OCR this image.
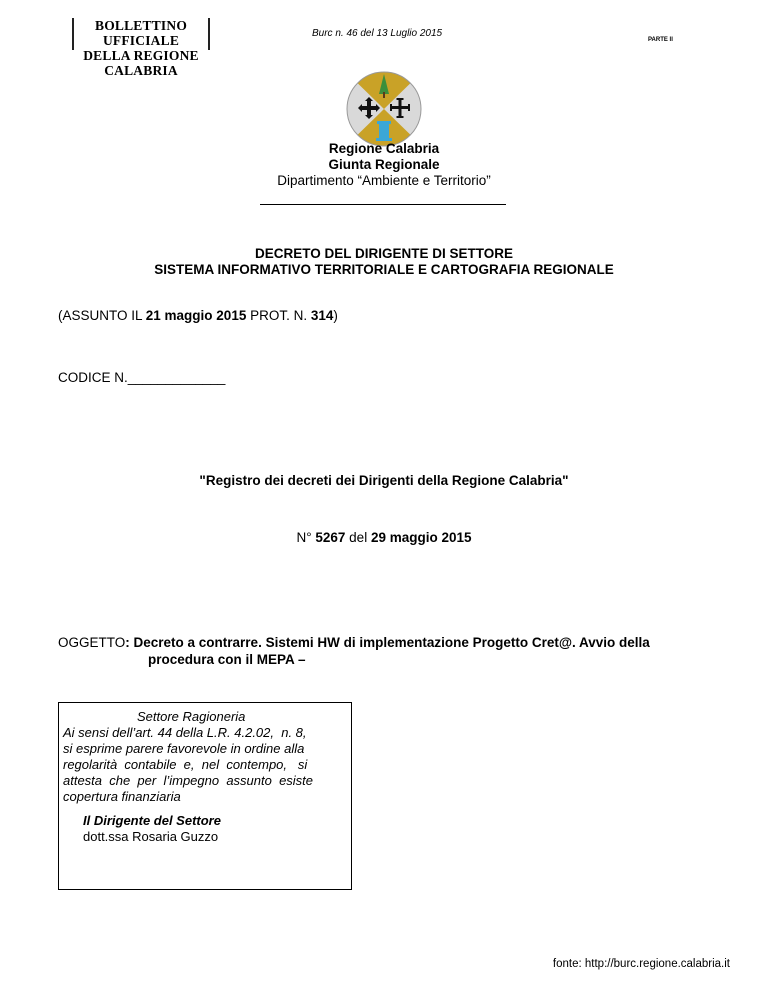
BOLLETTINO UFFICIALE
DELLA REGIONE CALABRIA
Burc n. 46 del 13 Luglio 2015
PARTE II
Regione Calabria
Giunta Regionale
Dipartimento “Ambiente e Territorio”
DECRETO DEL DIRIGENTE DI SETTORE
SISTEMA INFORMATIVO TERRITORIALE E CARTOGRAFIA REGIONALE
(ASSUNTO IL 21 maggio 2015 PROT. N. 314)
CODICE N._____________
"Registro dei decreti dei Dirigenti della Regione Calabria"
N° 5267 del 29 maggio 2015
OGGETTO: Decreto a contrarre. Sistemi HW di implementazione Progetto Cret@. Avvio della
procedura con il MEPA –
Settore Ragioneria
Ai sensi dell’art. 44 della L.R. 4.2.02,  n. 8,
si esprime parere favorevole in ordine alla
regolarità  contabile  e,  nel  contempo,   si
attesta  che  per  l’impegno  assunto  esiste
copertura finanziaria
Il Dirigente del Settore
dott.ssa Rosaria Guzzo
fonte: http://burc.regione.calabria.it
